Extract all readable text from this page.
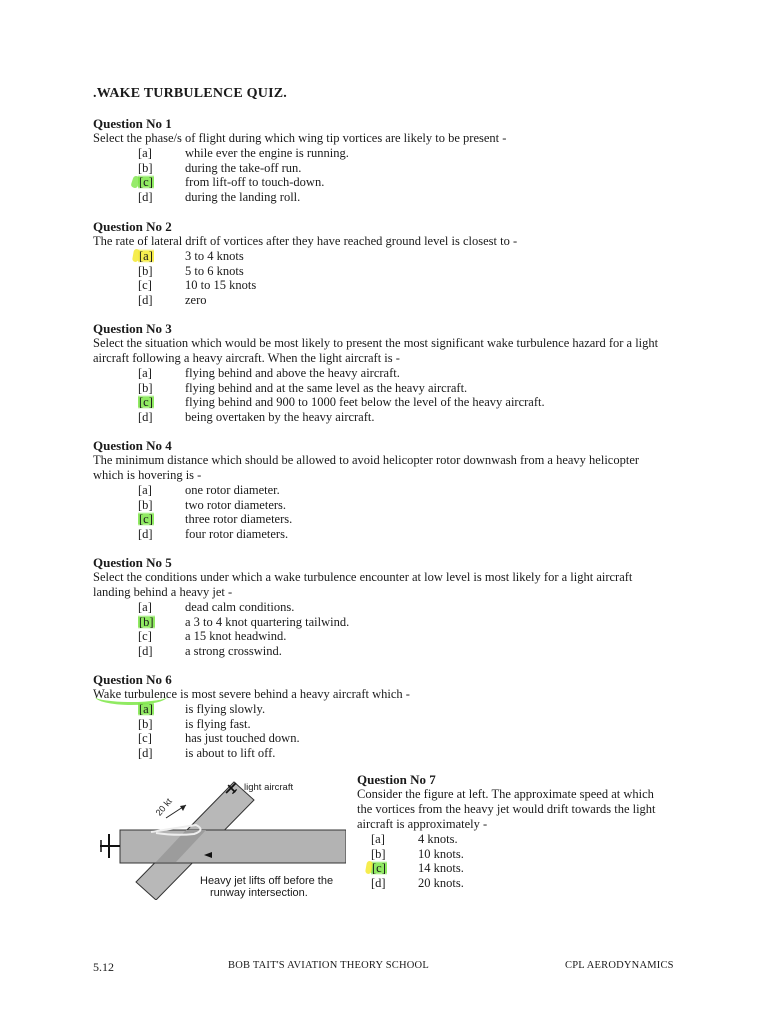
.WAKE TURBULENCE QUIZ.
Question No 1
Select the phase/s of flight during which wing tip vortices are likely to be present -
[a]	while ever the engine is running.
[b]	during the take-off run.
[c]	from lift-off to touch-down.
[d]	during the landing roll.
Question No 2
The rate of lateral drift of vortices after they have reached ground level is closest to -
[a]	3 to 4 knots
[b]	5 to 6 knots
[c]	10 to 15 knots
[d]	zero
Question No 3
Select the situation which would be most likely to present the most significant wake turbulence hazard for a light
aircraft following a heavy aircraft. When the light aircraft is -
[a]	flying behind and above the heavy aircraft.
[b]	flying behind and at the same level as the heavy aircraft.
[c]	flying behind and 900 to 1000 feet below the level of the heavy aircraft.
[d]	being overtaken by the heavy aircraft.
Question No 4
The minimum distance which should be allowed to avoid helicopter rotor downwash from a heavy helicopter
which is hovering is -
[a]	one rotor diameter.
[b]	two rotor diameters.
[c]	three rotor diameters.
[d]	four rotor diameters.
Question No 5
Select the conditions under which a wake turbulence encounter at low level is most likely for a light aircraft
landing behind a heavy jet -
[a]	dead calm conditions.
[b]	a 3 to 4 knot quartering tailwind.
[c]	a 15 knot headwind.
[d]	a strong crosswind.
Question No 6
Wake turbulence is most severe behind a heavy aircraft which -
[a]	is flying slowly.
[b]	is flying fast.
[c]	has just touched down.
[d]	is about to lift off.
light aircraft
20 kt
Heavy jet lifts off before the
runway intersection.
Question No 7
Consider the figure at left. The approximate speed at which
the vortices from the heavy jet would drift towards the light
aircraft is approximately -
[a]	4 knots.
[b]	10 knots.
[c]	14 knots.
[d]	20 knots.
5.12	BOB TAIT'S AVIATION THEORY SCHOOL	CPL AERODYNAMICS
